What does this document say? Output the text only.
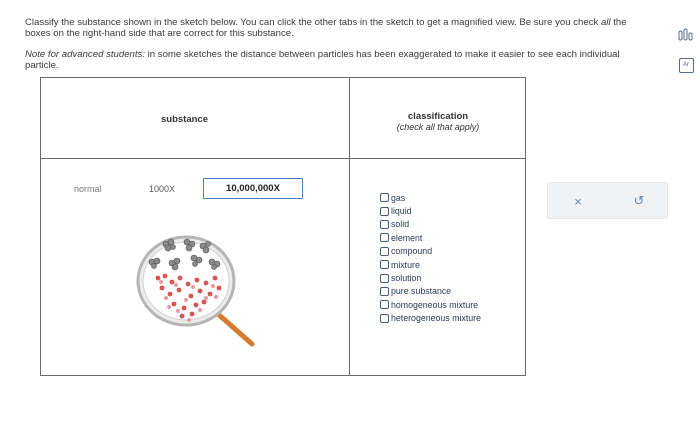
Classify the substance shown in the sketch below. You can click the other tabs in the sketch to get a magnified view. Be sure you check all the boxes on the right-hand side that are correct for this substance.

Note for advanced students: in some sketches the distance between particles has been exaggerated to make it easier to see each individual particle.	Ar
substance	classification
(check all that apply)
normal	1000X	10,000,000X
gas
liquid
solid
element
compound
mixture
solution
pure substance
homogeneous mixture
heterogeneous mixture
×	↺
